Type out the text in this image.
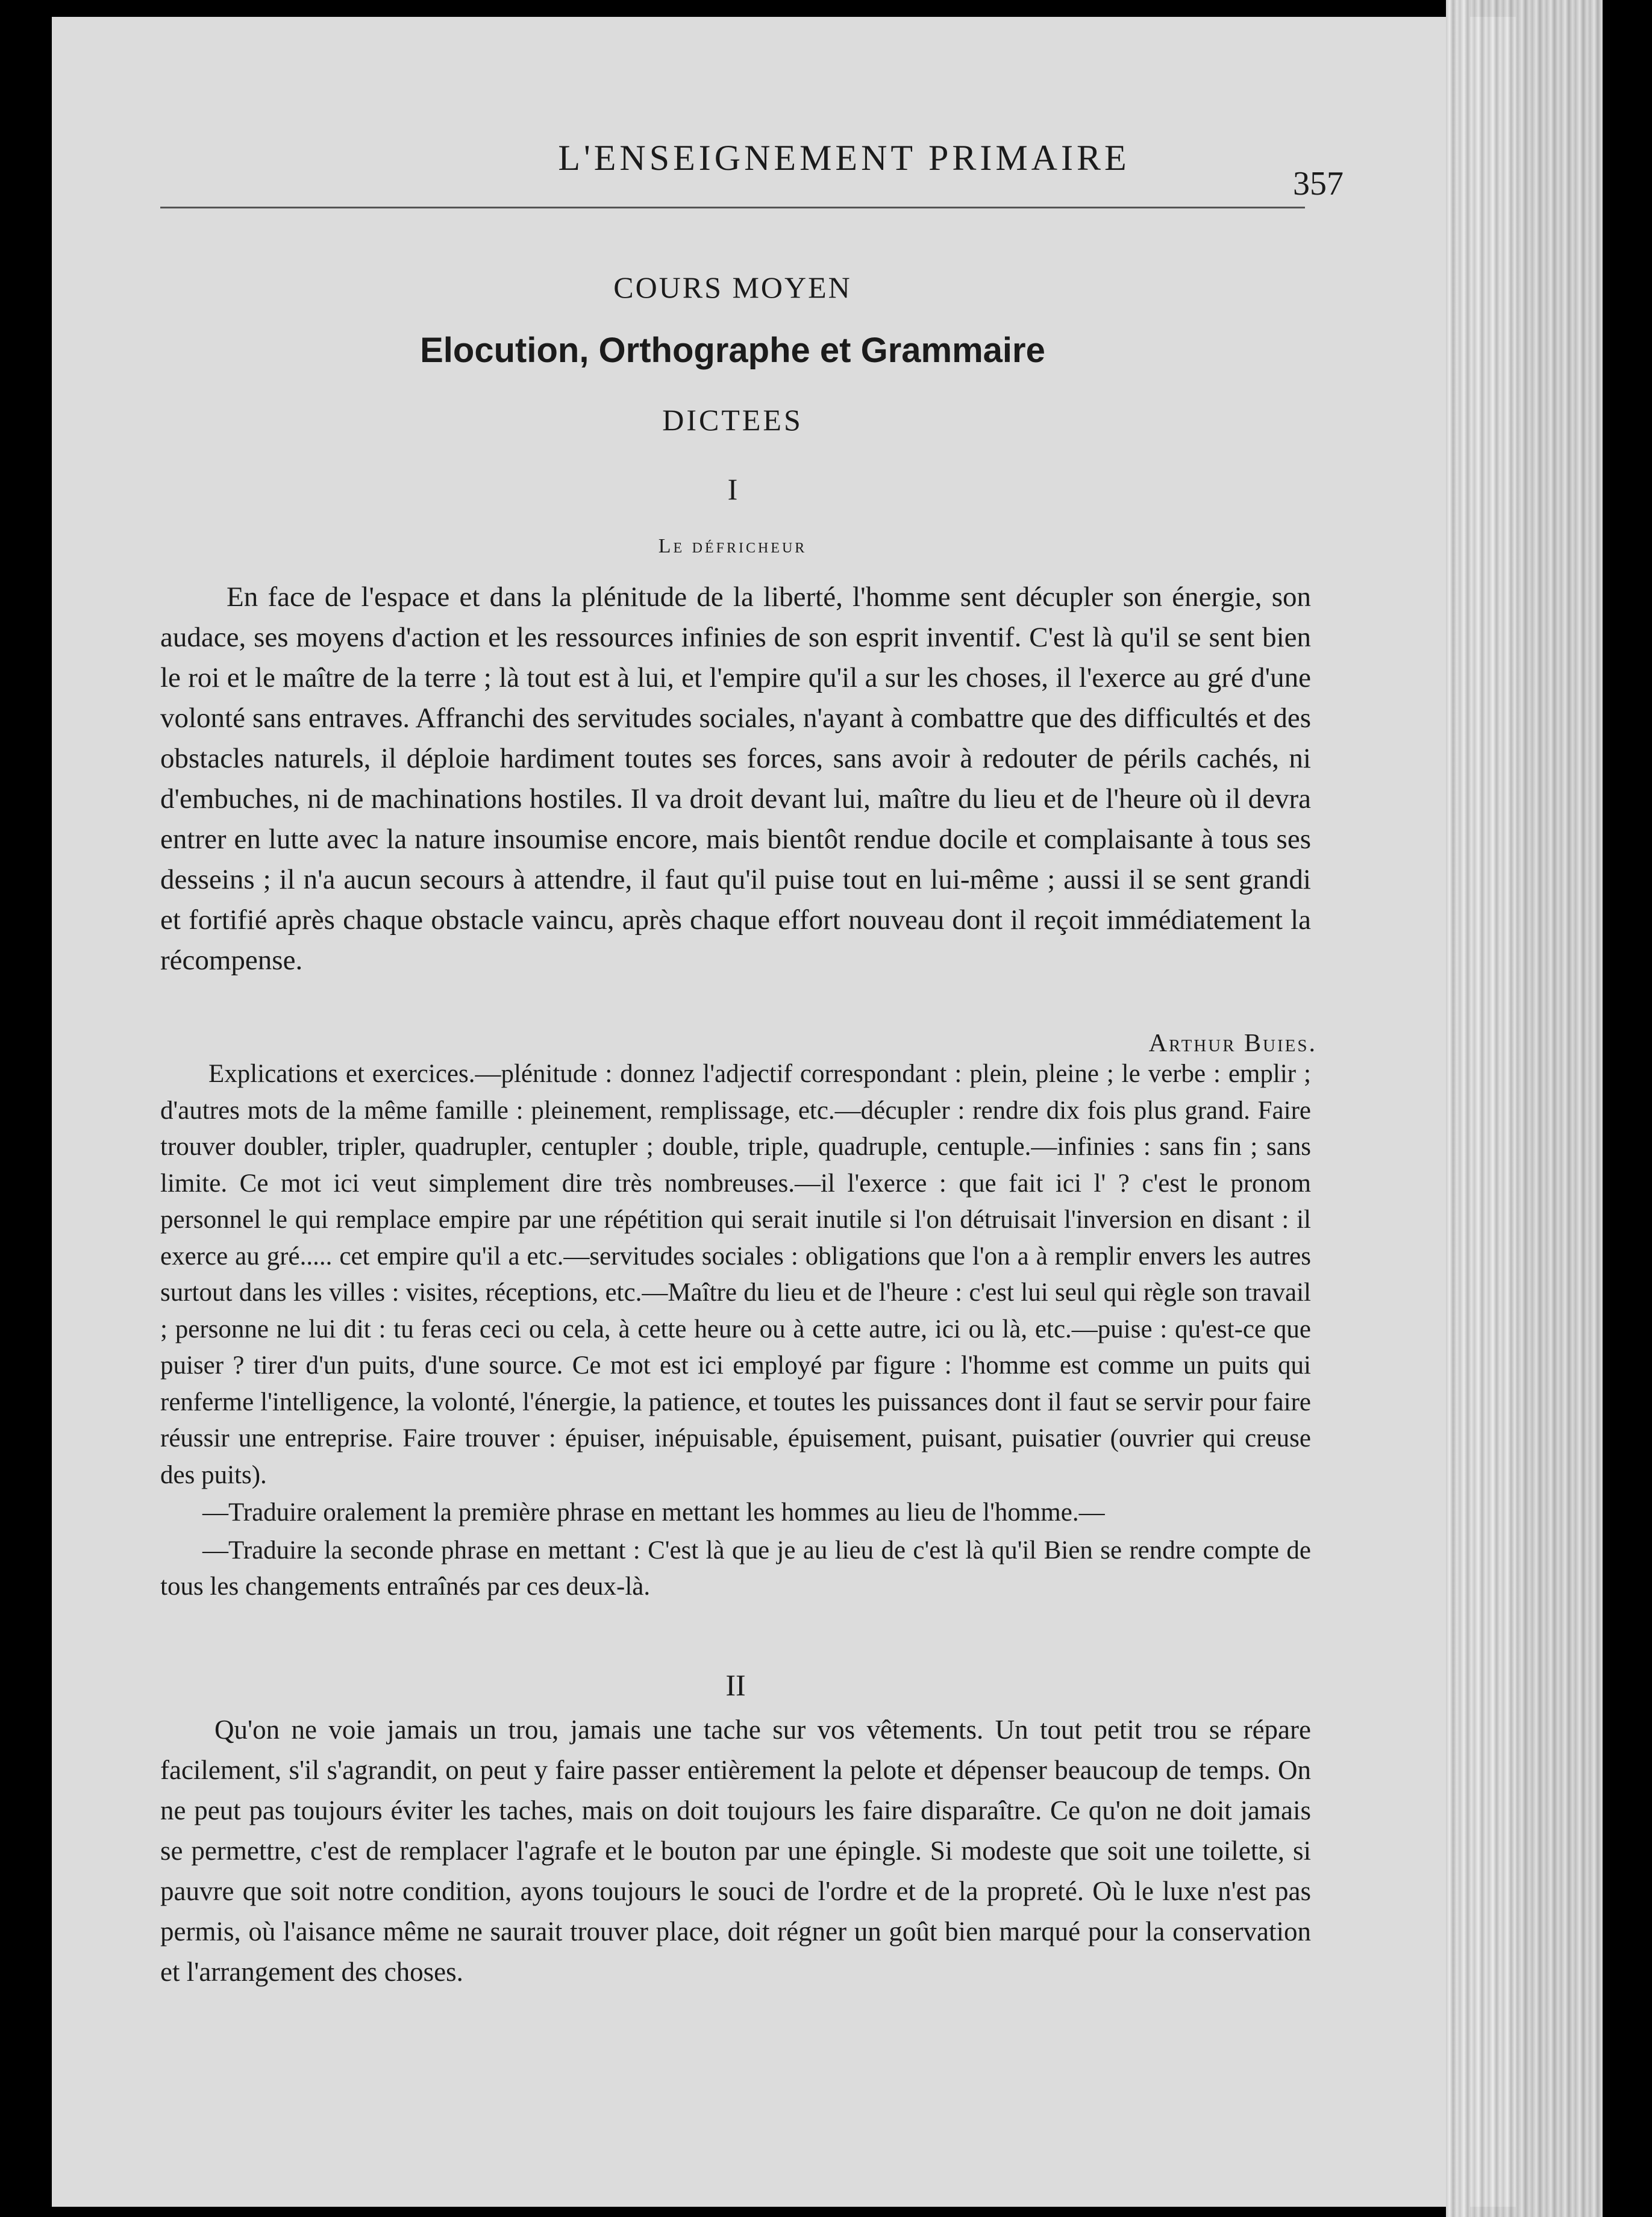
L'ENSEIGNEMENT PRIMAIRE
357
COURS MOYEN
Elocution, Orthographe et Grammaire
DICTEES
I
Le défricheur
En face de l'espace et dans la plénitude de la liberté, l'homme sent décupler son énergie, son audace, ses moyens d'action et les ressources infinies de son esprit inventif. C'est là qu'il se sent bien le roi et le maître de la terre ; là tout est à lui, et l'empire qu'il a sur les choses, il l'exerce au gré d'une volonté sans entraves. Affranchi des servitudes sociales, n'ayant à combattre que des difficultés et des obstacles naturels, il déploie hardiment toutes ses forces, sans avoir à redouter de périls cachés, ni d'embuches, ni de machinations hostiles. Il va droit devant lui, maître du lieu et de l'heure où il devra entrer en lutte avec la nature insoumise encore, mais bientôt rendue docile et complaisante à tous ses desseins ; il n'a aucun secours à attendre, il faut qu'il puise tout en lui-même ; aussi il se sent grandi et fortifié après chaque obstacle vaincu, après chaque effort nouveau dont il reçoit immédiatement la récompense.
Arthur Buies.

Explications et exercices.—plénitude : donnez l'adjectif correspondant : plein, pleine ; le verbe : emplir ; d'autres mots de la même famille : pleinement, remplissage, etc.—décupler : rendre dix fois plus grand. Faire trouver doubler, tripler, quadrupler, centupler ; double, triple, quadruple, centuple.—infinies : sans fin ; sans limite. Ce mot ici veut simplement dire très nombreuses.—il l'exerce : que fait ici l' ? c'est le pronom personnel le qui remplace empire par une répétition qui serait inutile si l'on détruisait l'inversion en disant : il exerce au gré..... cet empire qu'il a etc.—servitudes sociales : obligations que l'on a à remplir envers les autres surtout dans les villes : visites, réceptions, etc.—Maître du lieu et de l'heure : c'est lui seul qui règle son travail ; personne ne lui dit : tu feras ceci ou cela, à cette heure ou à cette autre, ici ou là, etc.—puise : qu'est-ce que puiser ? tirer d'un puits, d'une source. Ce mot est ici employé par figure : l'homme est comme un puits qui renferme l'intelligence, la volonté, l'énergie, la patience, et toutes les puissances dont il faut se servir pour faire réussir une entreprise. Faire trouver : épuiser, inépuisable, épuisement, puisant, puisatier (ouvrier qui creuse des puits).

—Traduire oralement la première phrase en mettant les hommes au lieu de l'homme.—

—Traduire la seconde phrase en mettant : C'est là que je au lieu de c'est là qu'il Bien se rendre compte de tous les changements entraînés par ces deux-là.

II
Qu'on ne voie jamais un trou, jamais une tache sur vos vêtements. Un tout petit trou se répare facilement, s'il s'agrandit, on peut y faire passer entièrement la pelote et dépenser beaucoup de temps. On ne peut pas toujours éviter les taches, mais on doit toujours les faire disparaître. Ce qu'on ne doit jamais se permettre, c'est de remplacer l'agrafe et le bouton par une épingle. Si modeste que soit une toilette, si pauvre que soit notre condition, ayons toujours le souci de l'ordre et de la propreté. Où le luxe n'est pas permis, où l'aisance même ne saurait trouver place, doit régner un goût bien marqué pour la conservation et l'arrangement des choses.
